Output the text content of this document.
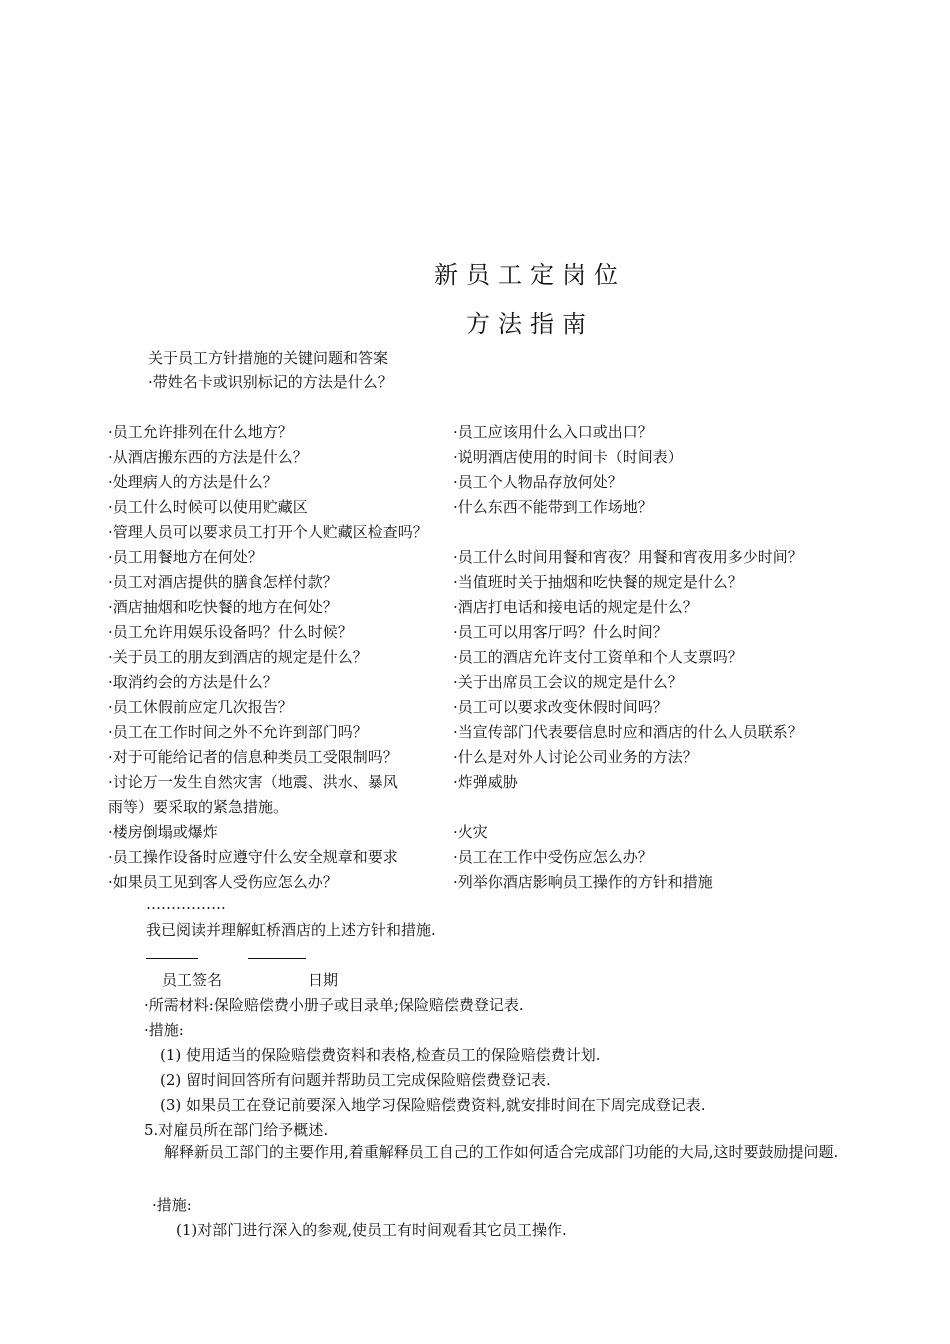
新员工定岗位
方法指南
关于员工方针措施的关键问题和答案
·带姓名卡或识别标记的方法是什么？
·员工允许排列在什么地方？	·员工应该用什么入口或出口？
·从酒店搬东西的方法是什么？	·说明酒店使用的时间卡（时间表）
·处理病人的方法是什么？	·员工个人物品存放何处？
·员工什么时候可以使用贮藏区	·什么东西不能带到工作场地？
·管理人员可以要求员工打开个人贮藏区检查吗？
·员工用餐地方在何处？	·员工什么时间用餐和宵夜？用餐和宵夜用多少时间？
·员工对酒店提供的膳食怎样付款？	·当值班时关于抽烟和吃快餐的规定是什么？
·酒店抽烟和吃快餐的地方在何处？	·酒店打电话和接电话的规定是什么？
·员工允许用娱乐设备吗？什么时候？	·员工可以用客厅吗？什么时间？
·关于员工的朋友到酒店的规定是什么？	·员工的酒店允许支付工资单和个人支票吗？
·取消约会的方法是什么？	·关于出席员工会议的规定是什么？
·员工休假前应定几次报告？	·员工可以要求改变休假时间吗？
·员工在工作时间之外不允许到部门吗？	·当宣传部门代表要信息时应和酒店的什么人员联系？
·对于可能给记者的信息种类员工受限制吗？	·什么是对外人讨论公司业务的方法？
·讨论万一发生自然灾害（地震、洪水、暴风	·炸弹威胁
雨等）要采取的紧急措施。
·楼房倒塌或爆炸	·火灾
·员工操作设备时应遵守什么安全规章和要求	·员工在工作中受伤应怎么办？
·如果员工见到客人受伤应怎么办？	·列举你酒店影响员工操作的方针和措施
…………….
我已阅读并理解虹桥酒店的上述方针和措施.
员工签名	日期
·所需材料:保险赔偿费小册子或目录单;保险赔偿费登记表.
·措施:
(1) 使用适当的保险赔偿费资料和表格,检查员工的保险赔偿费计划.
(2) 留时间回答所有问题并帮助员工完成保险赔偿费登记表.
(3) 如果员工在登记前要深入地学习保险赔偿费资料,就安排时间在下周完成登记表.
5.对雇员所在部门给予概述.
解释新员工部门的主要作用,着重解释员工自己的工作如何适合完成部门功能的大局,这时要鼓励提问题.
·措施:
(1)对部门进行深入的参观,使员工有时间观看其它员工操作.
